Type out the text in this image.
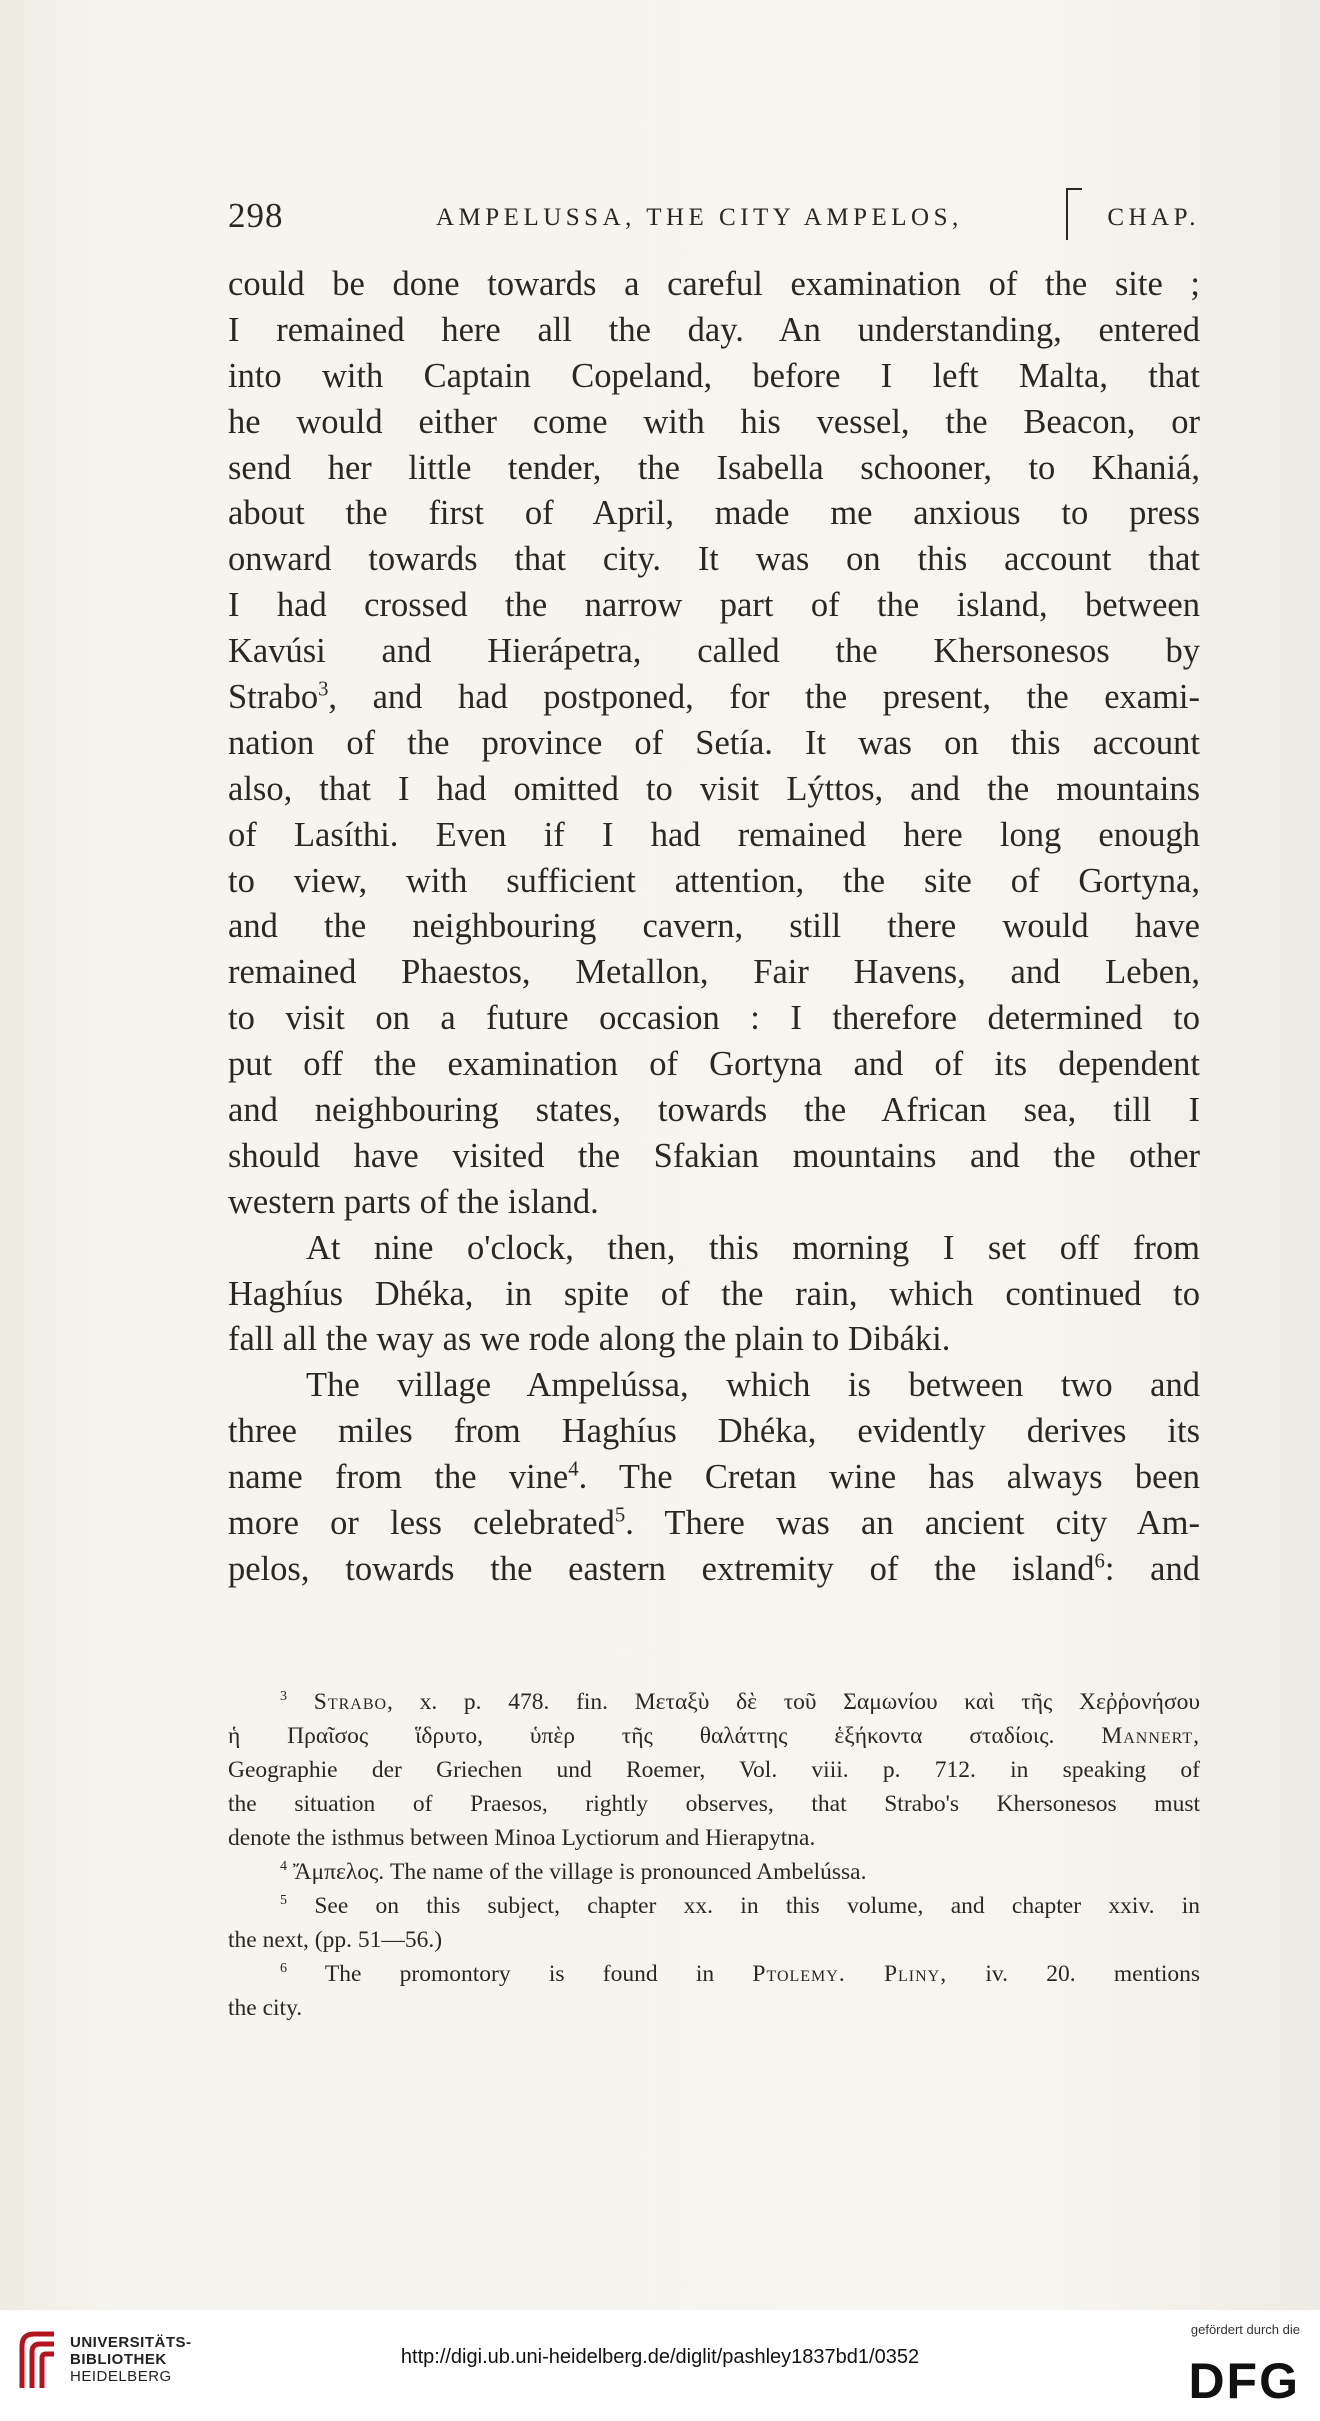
298	AMPELUSSA, THE CITY AMPELOS,	CHAP.
could be done towards a careful examination of the site ;
I remained here all the day. An understanding, entered
into with Captain Copeland, before I left Malta, that
he would either come with his vessel, the Beacon, or
send her little tender, the Isabella schooner, to Khaniá,
about the first of April, made me anxious to press
onward towards that city. It was on this account that
I had crossed the narrow part of the island, between
Kavúsi and Hierápetra, called the Khersonesos by
Strabo$^3$, and had postponed, for the present, the exami-
nation of the province of Setía. It was on this account
also, that I had omitted to visit Lýttos, and the mountains
of Lasíthi. Even if I had remained here long enough
to view, with sufficient attention, the site of Gortyna,
and the neighbouring cavern, still there would have
remained Phaestos, Metallon, Fair Havens, and Leben,
to visit on a future occasion : I therefore determined to
put off the examination of Gortyna and of its dependent
and neighbouring states, towards the African sea, till I
should have visited the Sfakian mountains and the other
western parts of the island.
At nine o'clock, then, this morning I set off from
Haghíus Dhéka, in spite of the rain, which continued to
fall all the way as we rode along the plain to Dibáki.
The village Ampelússa, which is between two and
three miles from Haghíus Dhéka, evidently derives its
name from the vine$^4$. The Cretan wine has always been
more or less celebrated$^5$. There was an ancient city Am-
pelos, towards the eastern extremity of the island$^6$: and
$^3$ Strabo, x. p. 478. fin. Μεταξὺ δὲ τοῦ Σαμωνίου καὶ τῆς Χεῤῥονήσου
ἡ Πραῖσος ἵδρυτο, ὑπὲρ τῆς θαλάττης ἑξήκοντα σταδίοις. Mannert,
Geographie der Griechen und Roemer, Vol. viii. p. 712. in speaking of
the situation of Praesos, rightly observes, that Strabo's Khersonesos must
denote the isthmus between Minoa Lyctiorum and Hierapytna.
$^4$ Ἄμπελος. The name of the village is pronounced Ambelússa.
$^5$ See on this subject, chapter xx. in this volume, and chapter xxiv. in
the next, (pp. 51—56.)
$^6$ The promontory is found in Ptolemy. Pliny, iv. 20. mentions
the city.
UNIVERSITÄTS-
BIBLIOTHEK
HEIDELBERG
http://digi.ub.uni-heidelberg.de/diglit/pashley1837bd1/0352
gefördert durch die
DFG
